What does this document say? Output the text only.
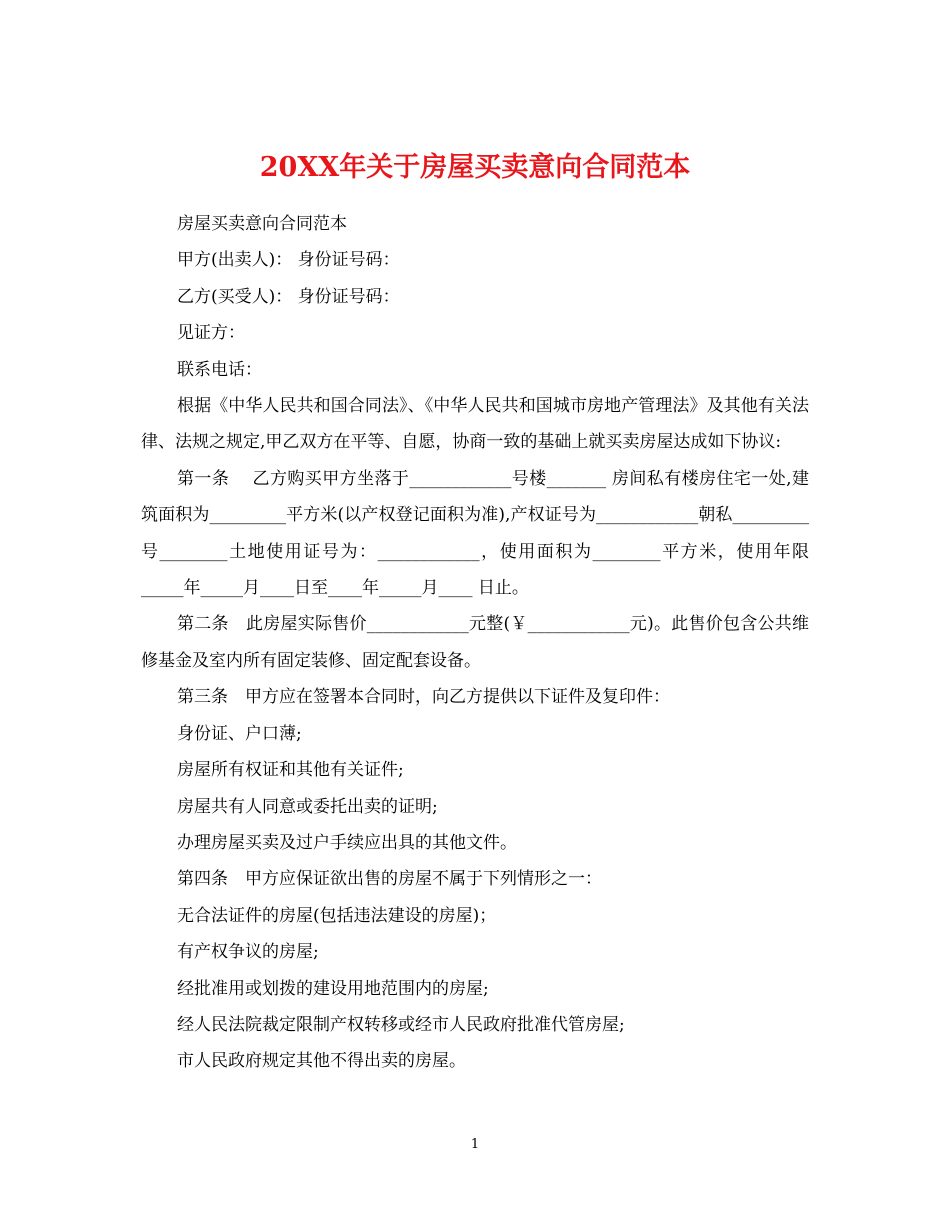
20XX年关于房屋买卖意向合同范本

房屋买卖意向合同范本

甲方(出卖人)： 身份证号码：

乙方(买受人)： 身份证号码：

见证方：

联系电话：

根据《中华人民共和国合同法》、《中华人民共和国城市房地产管理法》及其他有关法律、法规之规定,甲乙双方在平等、自愿，协商一致的基础上就买卖房屋达成如下协议:

第一条　 乙方购买甲方坐落于____________号楼_______ 房间私有楼房住宅一处,建筑面积为_________平方米(以产权登记面积为准),产权证号为____________朝私_________号________土地使用证号为：____________，使用面积为________平方米，使用年限_____年_____月____日至____年_____月____ 日止。

第二条　此房屋实际售价____________元整(￥____________元)。此售价包含公共维修基金及室内所有固定装修、固定配套设备。

第三条　甲方应在签署本合同时，向乙方提供以下证件及复印件：

身份证、户口薄;

房屋所有权证和其他有关证件;

房屋共有人同意或委托出卖的证明;

办理房屋买卖及过户手续应出具的其他文件。

第四条　甲方应保证欲出售的房屋不属于下列情形之一：

无合法证件的房屋(包括违法建设的房屋)；

有产权争议的房屋;

经批准用或划拨的建设用地范围内的房屋;

经人民法院裁定限制产权转移或经市人民政府批准代管房屋;

市人民政府规定其他不得出卖的房屋。

1
